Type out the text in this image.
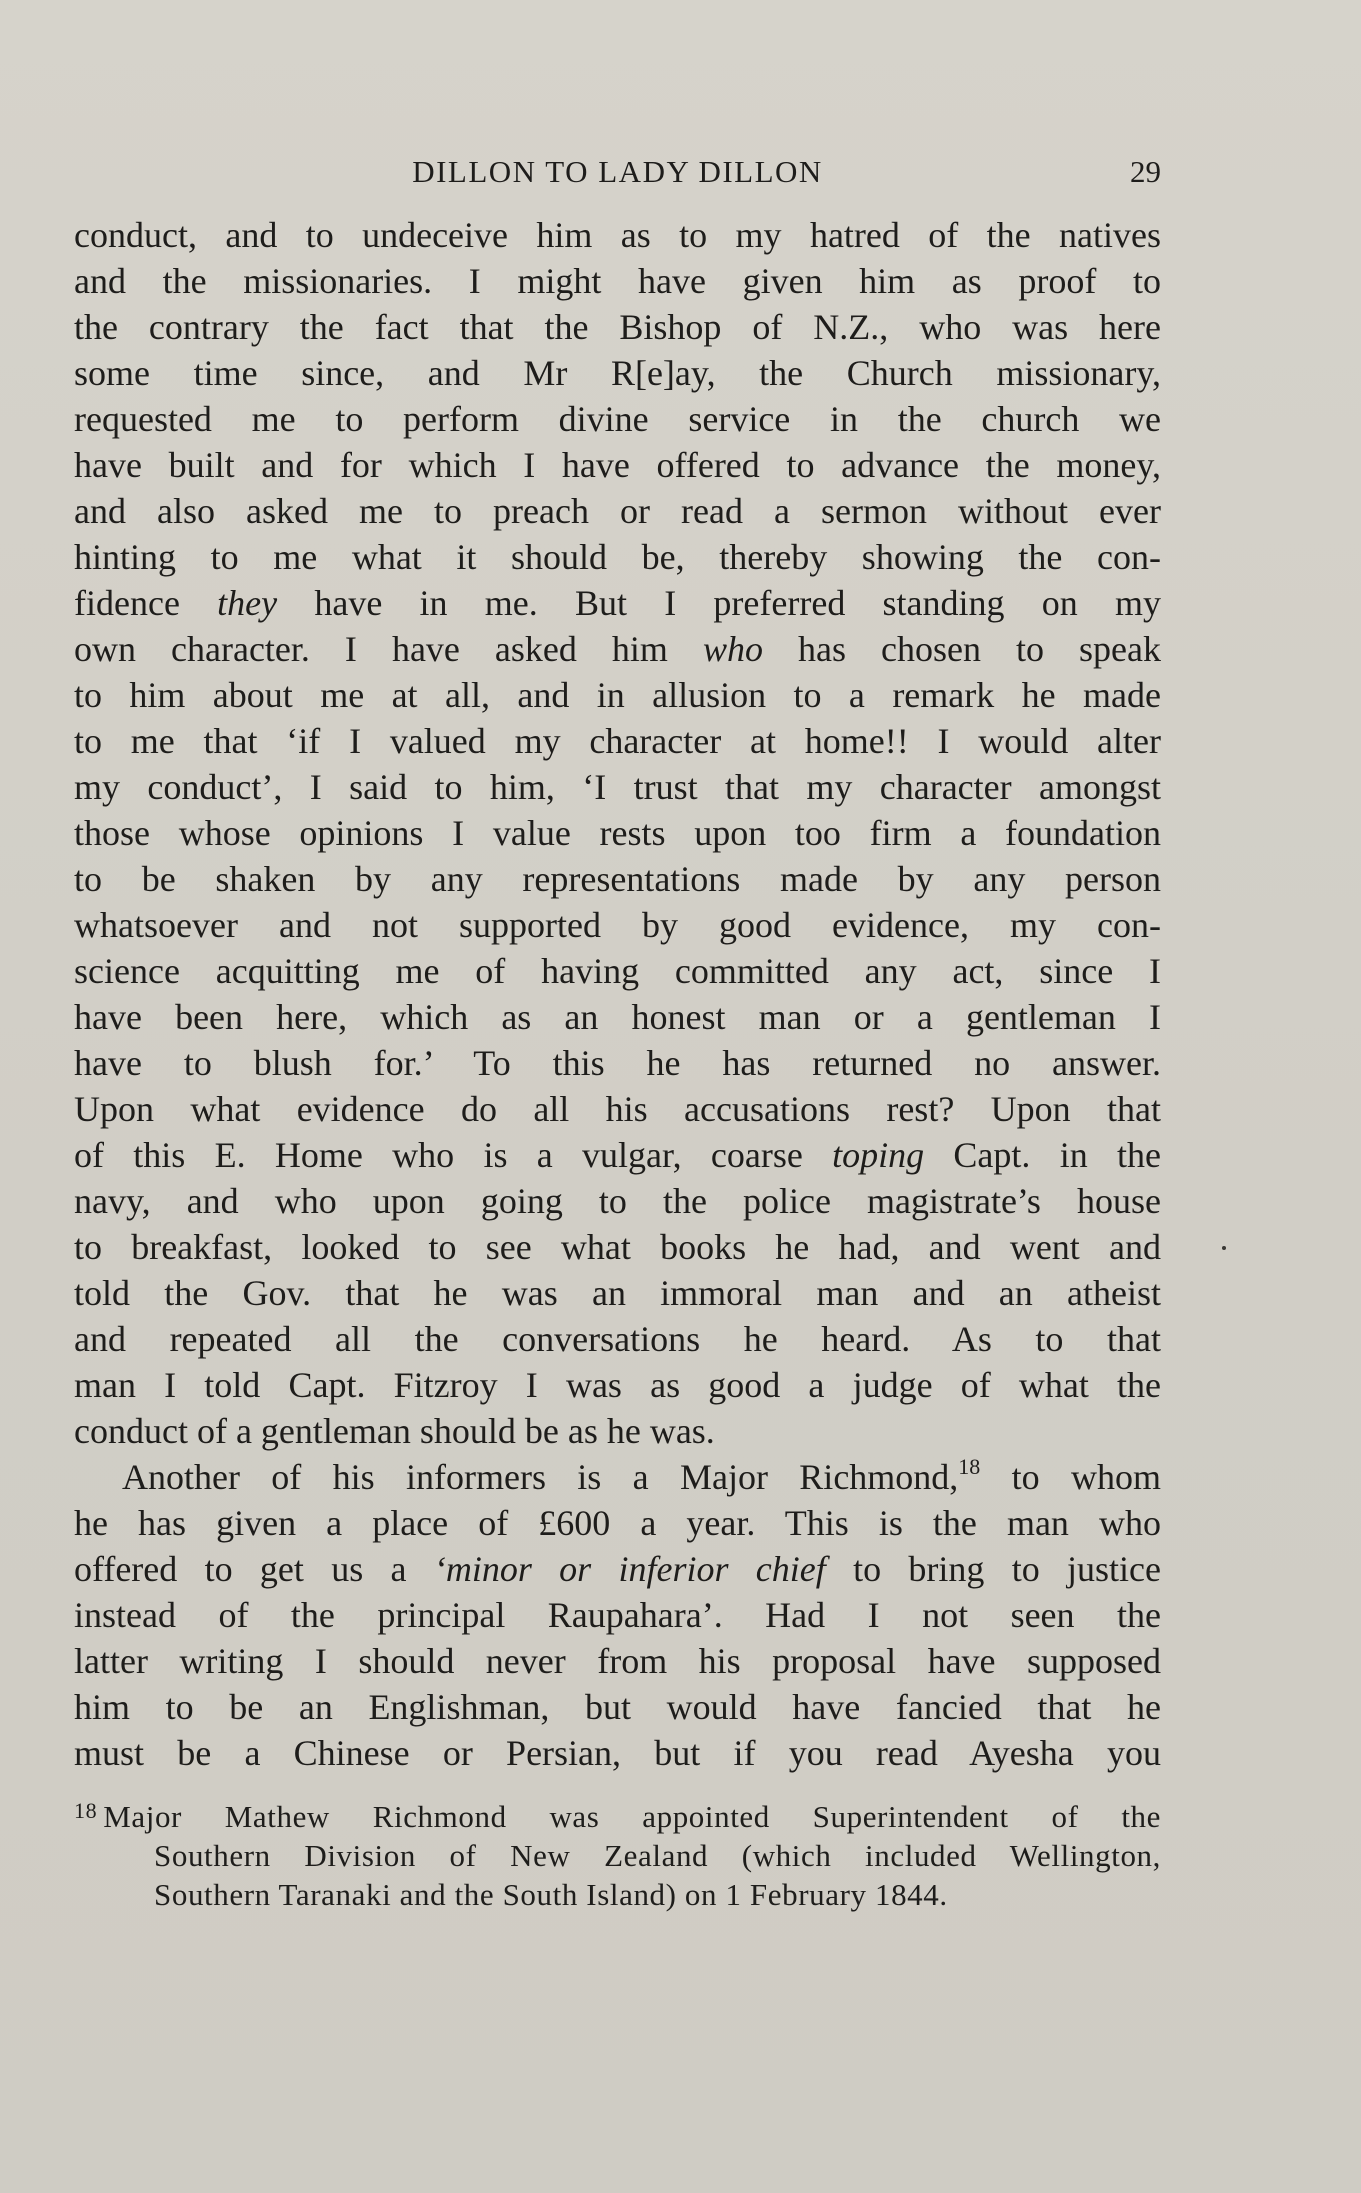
DILLON TO LADY DILLON	29
conduct, and to undeceive him as to my hatred of the natives
and the missionaries. I might have given him as proof to
the contrary the fact that the Bishop of N.Z., who was here
some time since, and Mr R[e]ay, the Church missionary,
requested me to perform divine service in the church we
have built and for which I have offered to advance the money,
and also asked me to preach or read a sermon without ever
hinting to me what it should be, thereby showing the con-
fidence they have in me. But I preferred standing on my
own character. I have asked him who has chosen to speak
to him about me at all, and in allusion to a remark he made
to me that ‘if I valued my character at home!! I would alter
my conduct’, I said to him, ‘I trust that my character amongst
those whose opinions I value rests upon too firm a foundation
to be shaken by any representations made by any person
whatsoever and not supported by good evidence, my con-
science acquitting me of having committed any act, since I
have been here, which as an honest man or a gentleman I
have to blush for.’ To this he has returned no answer.
Upon what evidence do all his accusations rest? Upon that
of this E. Home who is a vulgar, coarse toping Capt. in the
navy, and who upon going to the police magistrate’s house
to breakfast, looked to see what books he had, and went and
told the Gov. that he was an immoral man and an atheist
and repeated all the conversations he heard. As to that
man I told Capt. Fitzroy I was as good a judge of what the
conduct of a gentleman should be as he was.
Another of his informers is a Major Richmond,$^{18}$ to whom
he has given a place of £600 a year. This is the man who
offered to get us a ‘minor or inferior chief to bring to justice
instead of the principal Raupahara’. Had I not seen the
latter writing I should never from his proposal have supposed
him to be an Englishman, but would have fancied that he
must be a Chinese or Persian, but if you read Ayesha you
$^{18}$ Major Mathew Richmond was appointed Superintendent of the
Southern Division of New Zealand (which included Wellington,
Southern Taranaki and the South Island) on 1 February 1844.
